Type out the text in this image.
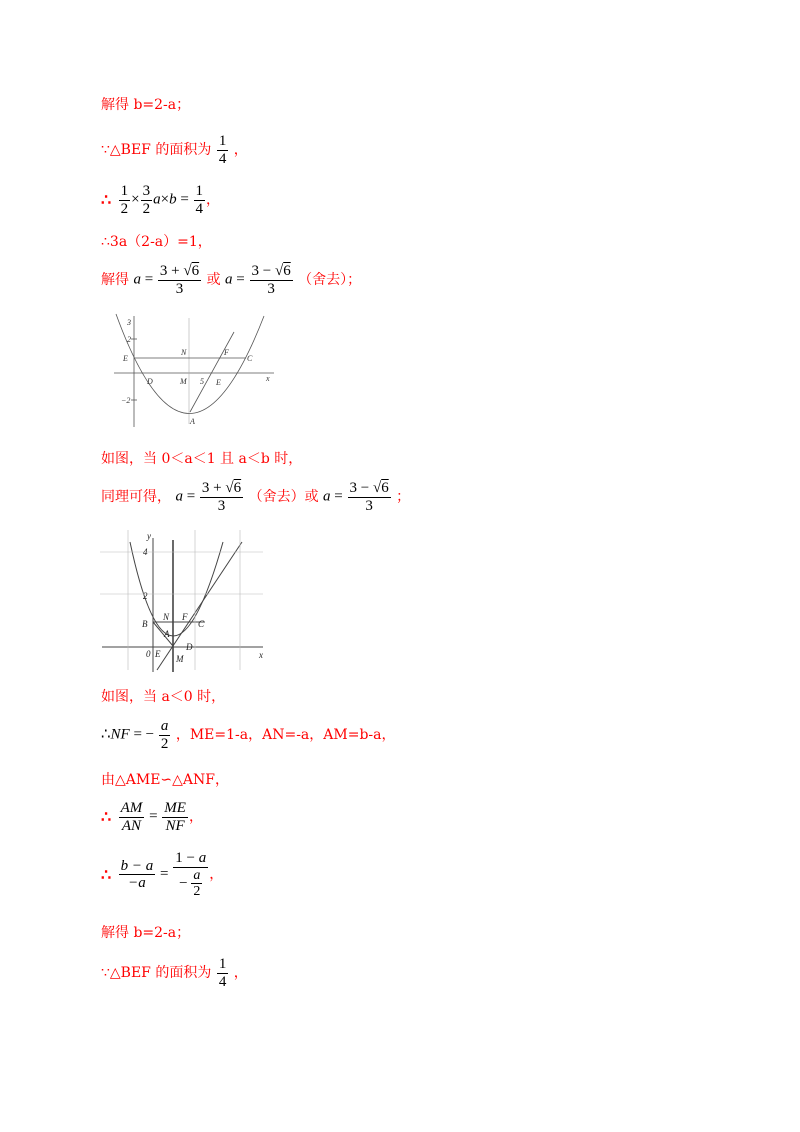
解得 b=2-a；
∵△BEF 的面积为 $\frac{1}{4}$ ，
∴ $\frac{1}{2} \times \frac{3}{2} a\times b = \frac{1}{4}$ ，
∴3a（2-a）=1，
解得 $a = \frac{3 + √6}{3}$ 或 $a = \frac{3 - √6}{3}$ （舍去）；
3
2
−2
E
N	F
C
D	M 5 E	x
A
如图，当 0＜a＜1 且 a＜b 时，
同理可得， $a = \frac{3 + √6}{3}$ （舍去）或 $a = \frac{3 - √6}{3}$ ；
y
4
2
N F
B
A
C
D
0 E M	x
如图，当 a＜0 时，
∴NF = − $\frac{a}{2}$ ，ME=1-a，AN=-a，AM=b-a，
由△AME∽△ANF，
∴ $\frac{AM}{AN} = \frac{ME}{NF}$ ，
∴ $\frac{b - a}{-a} = \frac{1 - a}{- \frac{a}{2}}$ ，
解得 b=2-a；
∵△BEF 的面积为 $\frac{1}{4}$ ，
